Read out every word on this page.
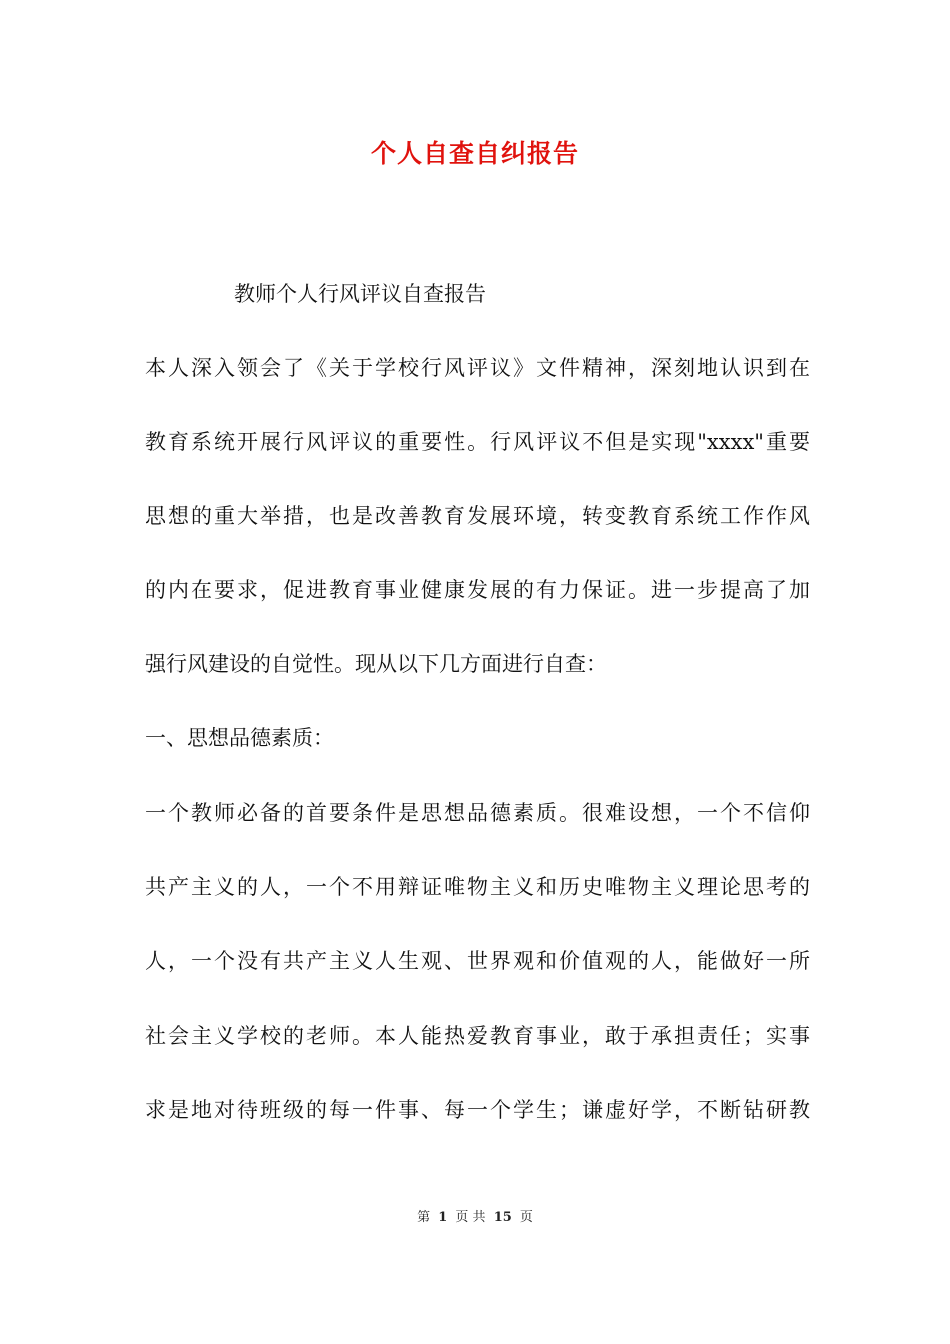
个人自查自纠报告
教师个人行风评议自查报告
本人深入领会了《关于学校行风评议》文件精神，深刻地认识到在
教育系统开展行风评议的重要性。行风评议不但是实现"xxxx"重要
思想的重大举措，也是改善教育发展环境，转变教育系统工作作风
的内在要求，促进教育事业健康发展的有力保证。进一步提高了加
强行风建设的自觉性。现从以下几方面进行自查：
一、思想品德素质：
一个教师必备的首要条件是思想品德素质。很难设想，一个不信仰
共产主义的人，一个不用辩证唯物主义和历史唯物主义理论思考的
人，一个没有共产主义人生观、世界观和价值观的人，能做好一所
社会主义学校的老师。本人能热爱教育事业，敢于承担责任；实事
求是地对待班级的每一件事、每一个学生；谦虚好学，不断钻研教
第 1 页 共 15 页
